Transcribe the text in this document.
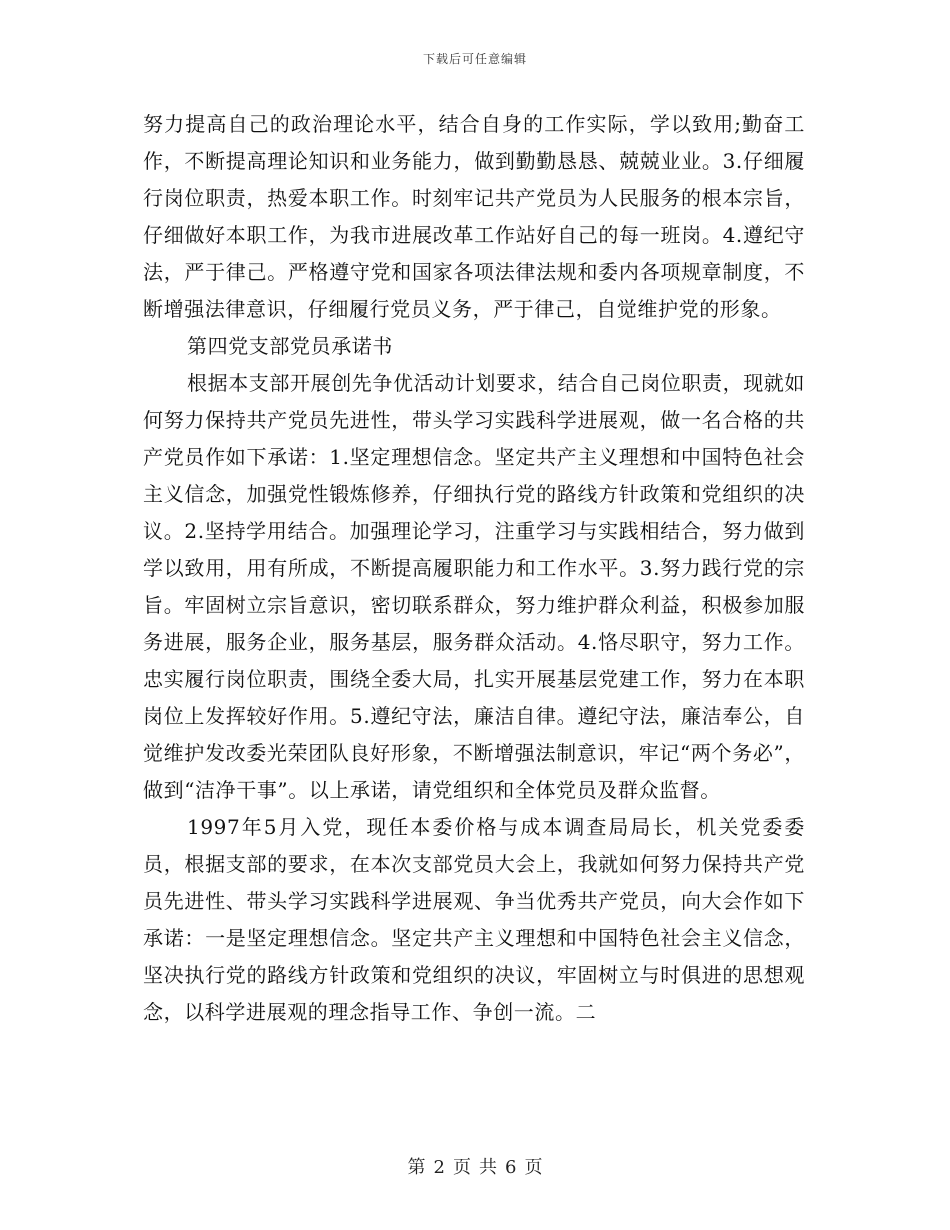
下载后可任意编辑

努力提高自己的政治理论水平，结合自身的工作实际，学以致用;勤奋工作，不断提高理论知识和业务能力，做到勤勤恳恳、兢兢业业。3.仔细履行岗位职责，热爱本职工作。时刻牢记共产党员为人民服务的根本宗旨，仔细做好本职工作，为我市进展改革工作站好自己的每一班岗。4.遵纪守法，严于律己。严格遵守党和国家各项法律法规和委内各项规章制度，不断增强法律意识，仔细履行党员义务，严于律己，自觉维护党的形象。

第四党支部党员承诺书

根据本支部开展创先争优活动计划要求，结合自己岗位职责，现就如何努力保持共产党员先进性，带头学习实践科学进展观，做一名合格的共产党员作如下承诺：1.坚定理想信念。坚定共产主义理想和中国特色社会主义信念，加强党性锻炼修养，仔细执行党的路线方针政策和党组织的决议。2.坚持学用结合。加强理论学习，注重学习与实践相结合，努力做到学以致用，用有所成，不断提高履职能力和工作水平。3.努力践行党的宗旨。牢固树立宗旨意识，密切联系群众，努力维护群众利益，积极参加服务进展，服务企业，服务基层，服务群众活动。4.恪尽职守，努力工作。忠实履行岗位职责，围绕全委大局，扎实开展基层党建工作，努力在本职岗位上发挥较好作用。5.遵纪守法，廉洁自律。遵纪守法，廉洁奉公，自觉维护发改委光荣团队良好形象，不断增强法制意识，牢记“两个务必”，做到“洁净干事”。以上承诺，请党组织和全体党员及群众监督。

1997年5月入党，现任本委价格与成本调查局局长，机关党委委员，根据支部的要求，在本次支部党员大会上，我就如何努力保持共产党员先进性、带头学习实践科学进展观、争当优秀共产党员，向大会作如下承诺：一是坚定理想信念。坚定共产主义理想和中国特色社会主义信念，坚决执行党的路线方针政策和党组织的决议，牢固树立与时俱进的思想观念，以科学进展观的理念指导工作、争创一流。二

第 2 页 共 6 页
